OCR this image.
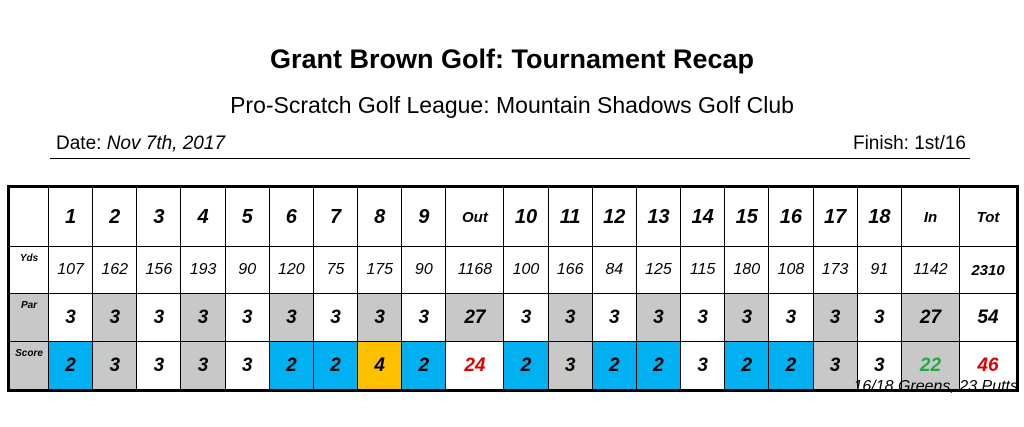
Grant Brown Golf: Tournament Recap
Pro-Scratch Golf League: Mountain Shadows Golf Club
Date: Nov 7th, 2017	Finish: 1st/16
	1	2	3	4	5	6	7	8	9	Out	10	11	12	13	14	15	16	17	18	In	Tot
Yds	107	162	156	193	90	120	75	175	90	1168	100	166	84	125	115	180	108	173	91	1142	2310
Par	3	3	3	3	3	3	3	3	3	27	3	3	3	3	3	3	3	3	3	27	54
Score	2	3	3	3	3	2	2	4	2	24	2	3	2	2	3	2	2	3	3	22	46
16/18 Greens, 23 Putts
